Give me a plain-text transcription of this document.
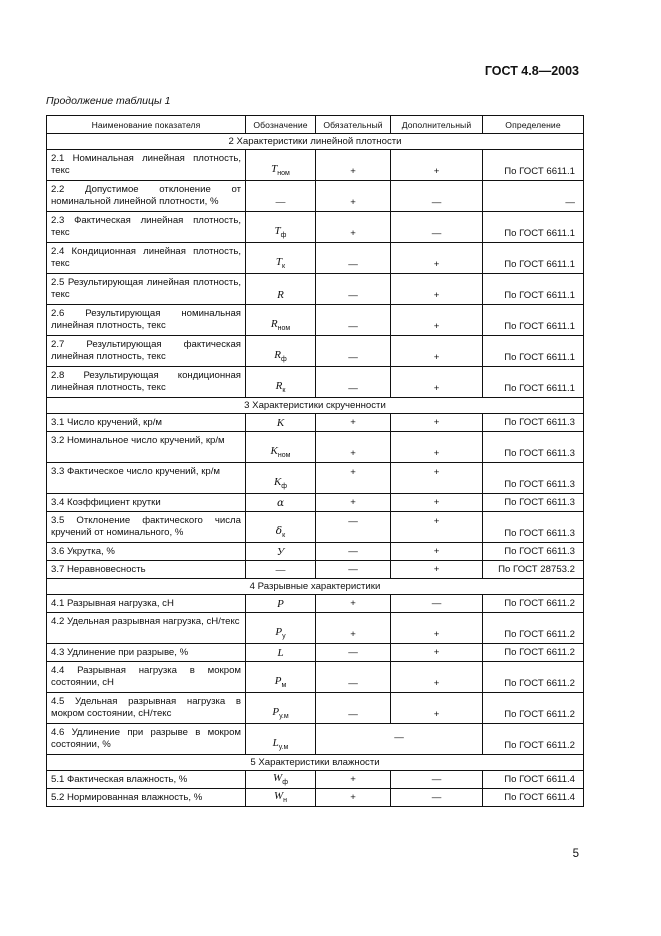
ГОСТ 4.8—2003
Продолжение таблицы 1
Наименование показателя	Обозначение	Обязательный	Дополнительный	Определение
2 Характеристики линейной плотности				
2.1 Номинальная линейная плотность, текс	$T_{ном}$	+	+	По ГОСТ 6611.1
2.2 Допустимое отклонение от номинальной линейной плотности, %	—	+	—	—
2.3 Фактическая линейная плотность, текс	$T_ф$	+	—	По ГОСТ 6611.1
2.4 Кондиционная линейная плотность, текс	$T_к$	—	+	По ГОСТ 6611.1
2.5 Результирующая линейная плотность, текс	R	—	+	По ГОСТ 6611.1
2.6 Результирующая номинальная линейная плотность, текс	$R_{ном}$	—	+	По ГОСТ 6611.1
2.7 Результирующая фактическая линейная плотность, текс	$R_ф$	—	+	По ГОСТ 6611.1
2.8 Результирующая кондиционная линейная плотность, текс	$R_к$	—	+	По ГОСТ 6611.1
3 Характеристики скрученности				
3.1 Число кручений, кр/м	K	+	+	По ГОСТ 6611.3
3.2 Номинальное число кручений, кр/м	$K_{ном}$	+	+	По ГОСТ 6611.3
3.3 Фактическое число кручений, кр/м	$K_ф$	+	+	По ГОСТ 6611.3
3.4 Коэффициент крутки	α	+	+	По ГОСТ 6611.3
3.5 Отклонение фактического числа кручений от номинального, %	$\delta_к$	—	+	По ГОСТ 6611.3
3.6 Укрутка, %	У	—	+	По ГОСТ 6611.3
3.7 Неравновесность	—	—	+	По ГОСТ 28753.2
4 Разрывные характеристики				
4.1 Разрывная нагрузка, сН	P	+	—	По ГОСТ 6611.2
4.2 Удельная разрывная нагрузка, сН/текс	$P_у$	+	+	По ГОСТ 6611.2
4.3 Удлинение при разрыве, %	L	—	+	По ГОСТ 6611.2
4.4 Разрывная нагрузка в мокром состоянии, сН	$P_м$	—	+	По ГОСТ 6611.2
4.5 Удельная разрывная нагрузка в мокром состоянии, сН/текс	$P_{у.м}$	—	+	По ГОСТ 6611.2
4.6 Удлинение при разрыве в мокром состоянии, %	$L_{у.м}$	—		По ГОСТ 6611.2
5 Характеристики влажности				
5.1 Фактическая влажность, %	$W_ф$	+	—	По ГОСТ 6611.4
5.2 Нормированная влажность, %	$W_н$	+	—	По ГОСТ 6611.4
5
